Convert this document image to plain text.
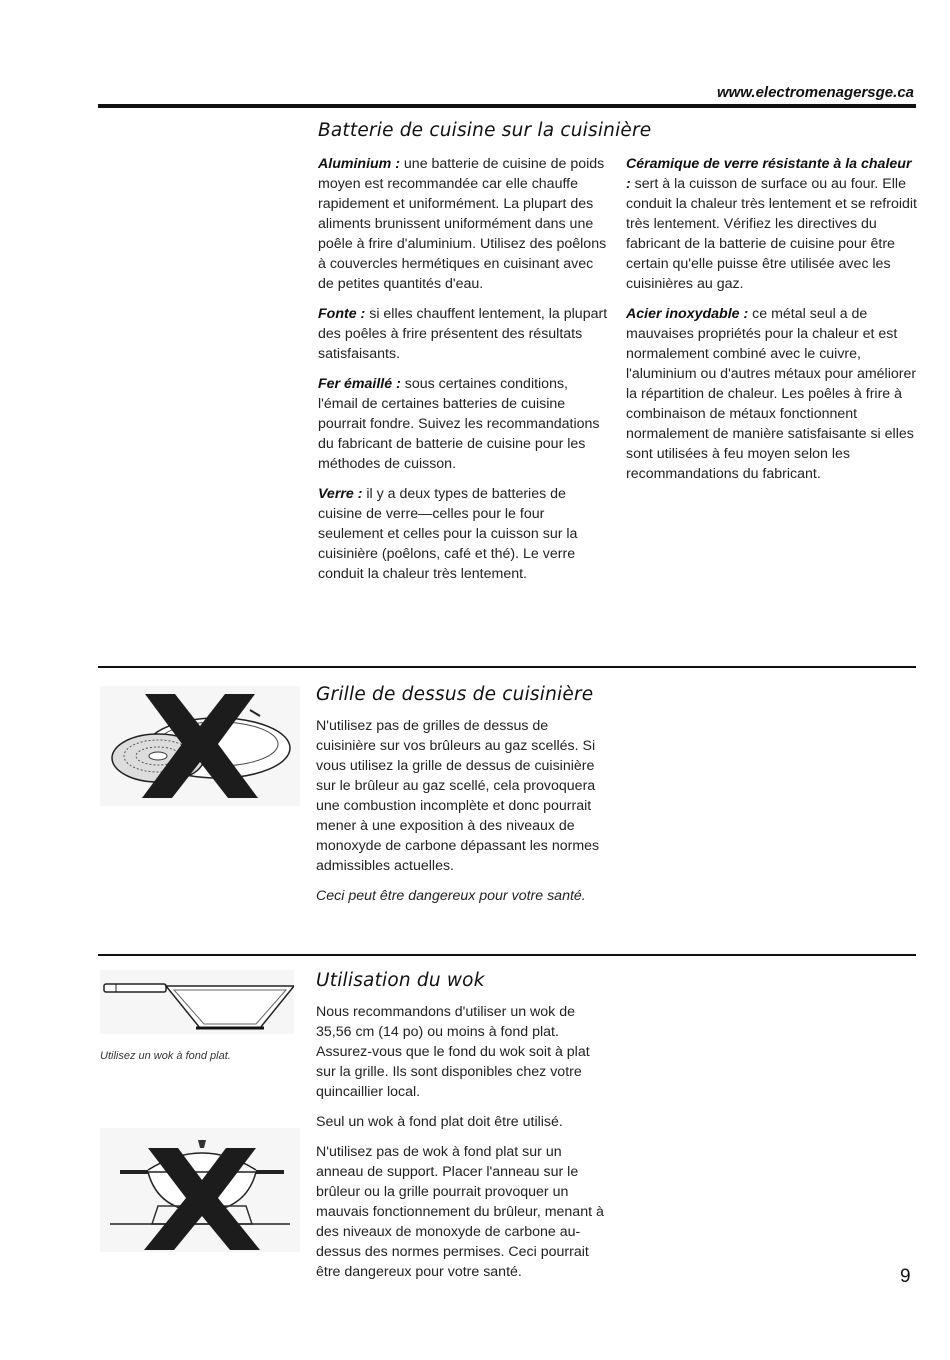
www.electromenagersge.ca
Batterie de cuisine sur la cuisinière

Aluminium : une batterie de cuisine de poids moyen est recommandée car elle chauffe rapidement et uniformément. La plupart des aliments brunissent uniformément dans une poêle à frire d'aluminium. Utilisez des poêlons à couvercles hermétiques en cuisinant avec de petites quantités d'eau.

Fonte : si elles chauffent lentement, la plupart des poêles à frire présentent des résultats satisfaisants.

Fer émaillé : sous certaines conditions, l'émail de certaines batteries de cuisine pourrait fondre. Suivez les recommandations du fabricant de batterie de cuisine pour les méthodes de cuisson.

Verre : il y a deux types de batteries de cuisine de verre—celles pour le four seulement et celles pour la cuisson sur la cuisinière (poêlons, café et thé). Le verre conduit la chaleur très lentement.

Céramique de verre résistante à la chaleur : sert à la cuisson de surface ou au four. Elle conduit la chaleur très lentement et se refroidit très lentement. Vérifiez les directives du fabricant de la batterie de cuisine pour être certain qu'elle puisse être utilisée avec les cuisinières au gaz.

Acier inoxydable : ce métal seul a de mauvaises propriétés pour la chaleur et est normalement combiné avec le cuivre, l'aluminium ou d'autres métaux pour améliorer la répartition de chaleur. Les poêles à frire à combinaison de métaux fonctionnent normalement de manière satisfaisante si elles sont utilisées à feu moyen selon les recommandations du fabricant.

Grille de dessus de cuisinière

N'utilisez pas de grilles de dessus de cuisinière sur vos brûleurs au gaz scellés. Si vous utilisez la grille de dessus de cuisinière sur le brûleur au gaz scellé, cela provoquera une combustion incomplète et donc pourrait mener à une exposition à des niveaux de monoxyde de carbone dépassant les normes admissibles actuelles.

Ceci peut être dangereux pour votre santé.

Utilisez un wok à fond plat.
Utilisation du wok

Nous recommandons d'utiliser un wok de 35,56 cm (14 po) ou moins à fond plat. Assurez-vous que le fond du wok soit à plat sur la grille. Ils sont disponibles chez votre quincaillier local.

Seul un wok à fond plat doit être utilisé.

N'utilisez pas de wok à fond plat sur un anneau de support. Placer l'anneau sur le brûleur ou la grille pourrait provoquer un mauvais fonctionnement du brûleur, menant à des niveaux de monoxyde de carbone au-dessus des normes permises. Ceci pourrait être dangereux pour votre santé.	9
